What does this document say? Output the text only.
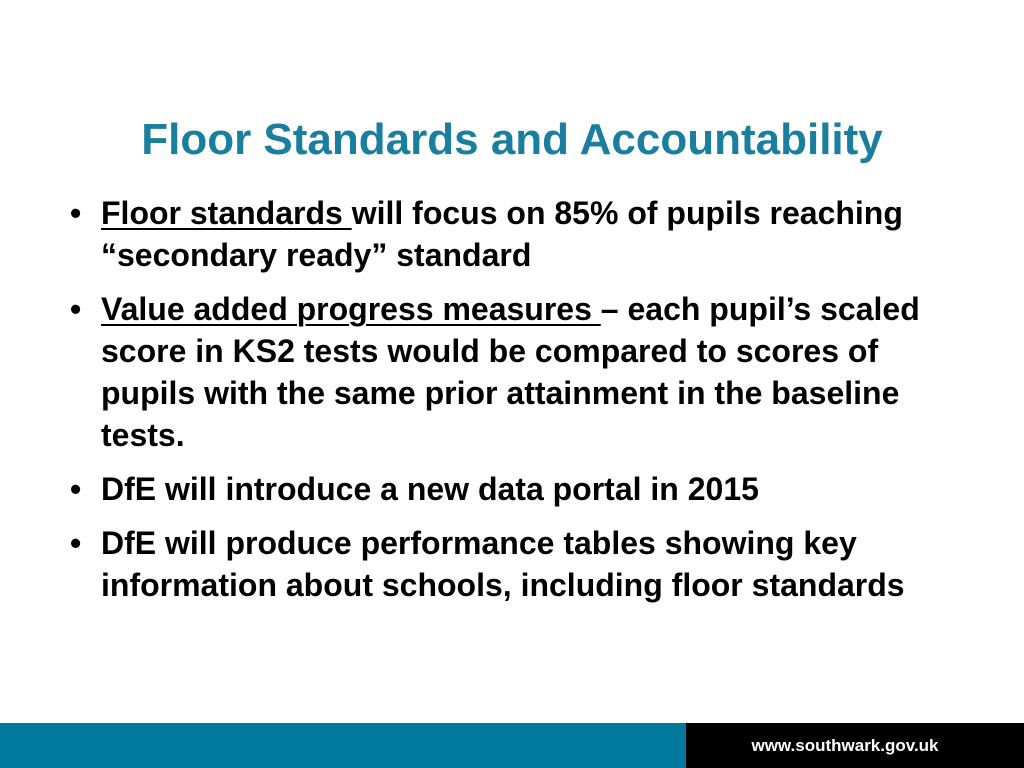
Floor Standards and Accountability
• Floor standards will focus on 85% of pupils reaching “secondary ready” standard
• Value added progress measures – each pupil’s scaled score in KS2 tests would be compared to scores of pupils with the same prior attainment in the baseline tests.
• DfE will introduce a new data portal in 2015
• DfE will produce performance tables showing key information about schools, including floor standards
www.southwark.gov.uk
